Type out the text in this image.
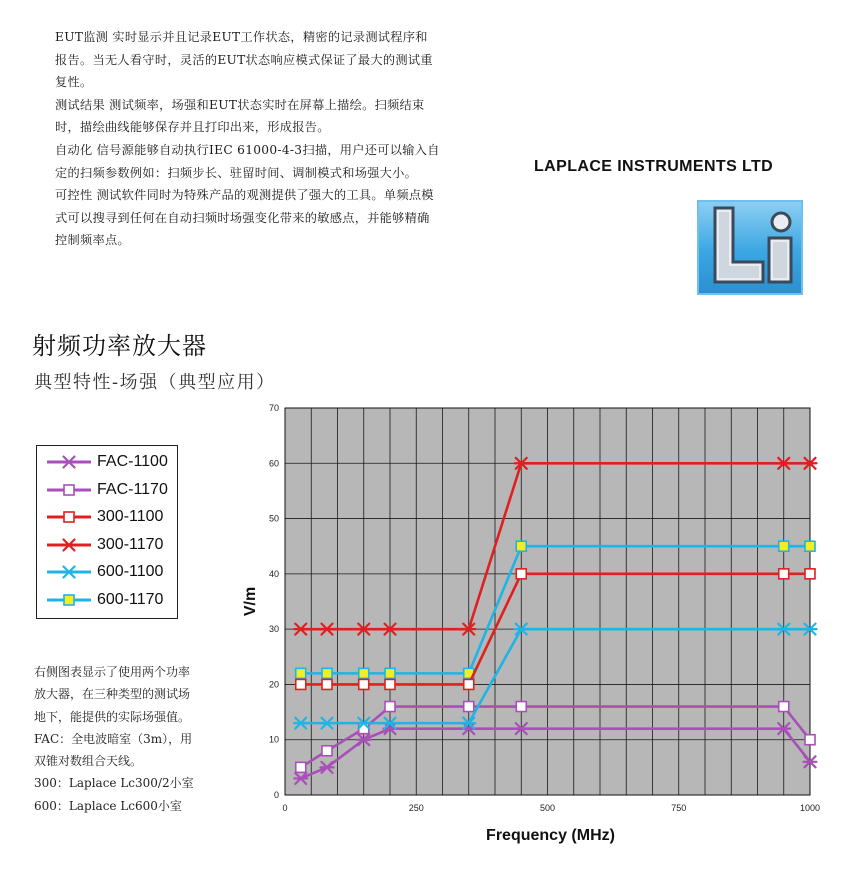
EUT监测 实时显示并且记录EUT工作状态，精密的记录测试程序和报告。当无人看守时，灵活的EUT状态响应模式保证了最大的测试重复性。

测试结果 测试频率，场强和EUT状态实时在屏幕上描绘。扫频结束时，描绘曲线能够保存并且打印出来，形成报告。

自动化 信号源能够自动执行IEC 61000-4-3扫描，用户还可以输入自定的扫频参数例如：扫频步长、驻留时间、调制模式和场强大小。

可控性 测试软件同时为特殊产品的观测提供了强大的工具。单频点模式可以搜寻到任何在自动扫频时场强变化带来的敏感点，并能够精确控制频率点。

LAPLACE INSTRUMENTS LTD
射频功率放大器
典型特性-场强（典型应用）
FAC-1100
FAC-1170
300-1100
300-1170
600-1100
600-1170

右侧图表显示了使用两个功率

放大器，在三种类型的测试场

地下，能提供的实际场强值。

FAC：全电波暗室（3m），用

双锥对数组合天线。

300：Laplace Lc300/2小室

600：Laplace Lc600小室

0
10
20
30
40
50
60
70
0	250	500	750	1000
Frequency (MHz)
V/m
